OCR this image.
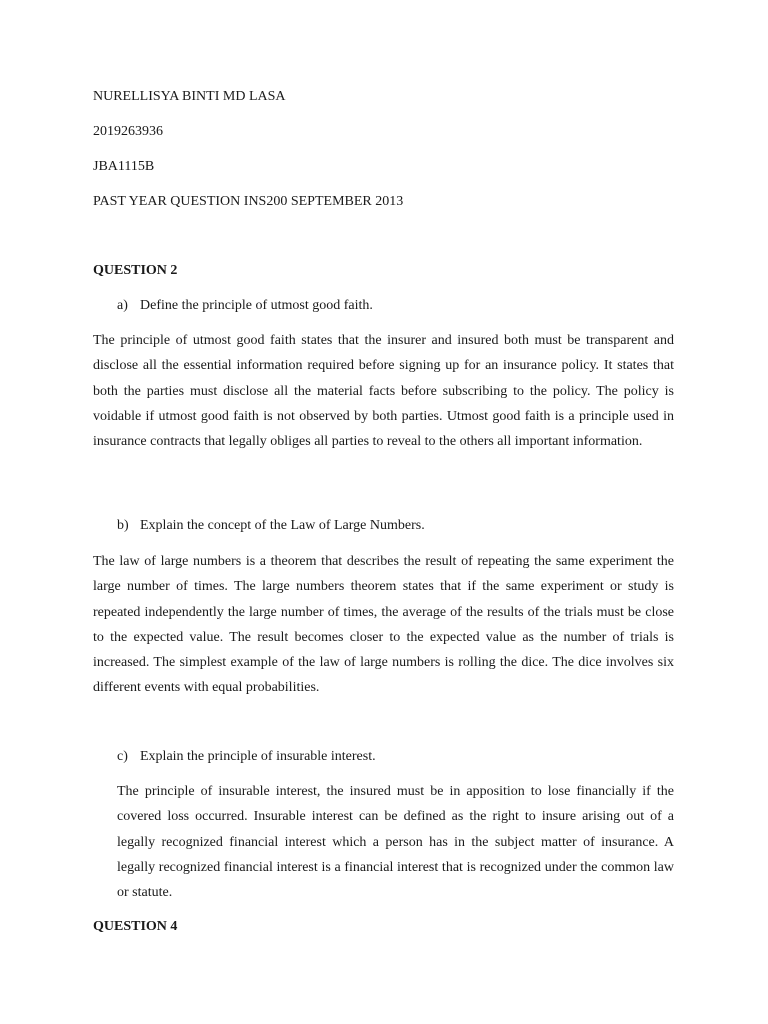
NURELLISYA BINTI MD LASA
2019263936
JBA1115B
PAST YEAR QUESTION INS200 SEPTEMBER 2013
QUESTION 2
a) Define the principle of utmost good faith.
The principle of utmost good faith states that the insurer and insured both must be transparent and disclose all the essential information required before signing up for an insurance policy. It states that both the parties must disclose all the material facts before subscribing to the policy. The policy is voidable if utmost good faith is not observed by both parties. Utmost good faith is a principle used in insurance contracts that legally obliges all parties to reveal to the others all important information.
b) Explain the concept of the Law of Large Numbers.
The law of large numbers is a theorem that describes the result of repeating the same experiment the large number of times. The large numbers theorem states that if the same experiment or study is repeated independently the large number of times, the average of the results of the trials must be close to the expected value. The result becomes closer to the expected value as the number of trials is increased. The simplest example of the law of large numbers is rolling the dice. The dice involves six different events with equal probabilities.
c) Explain the principle of insurable interest.
The principle of insurable interest, the insured must be in apposition to lose financially if the covered loss occurred. Insurable interest can be defined as the right to insure arising out of a legally recognized financial interest which a person has in the subject matter of insurance. A legally recognized financial interest is a financial interest that is recognized under the common law or statute.
QUESTION 4
